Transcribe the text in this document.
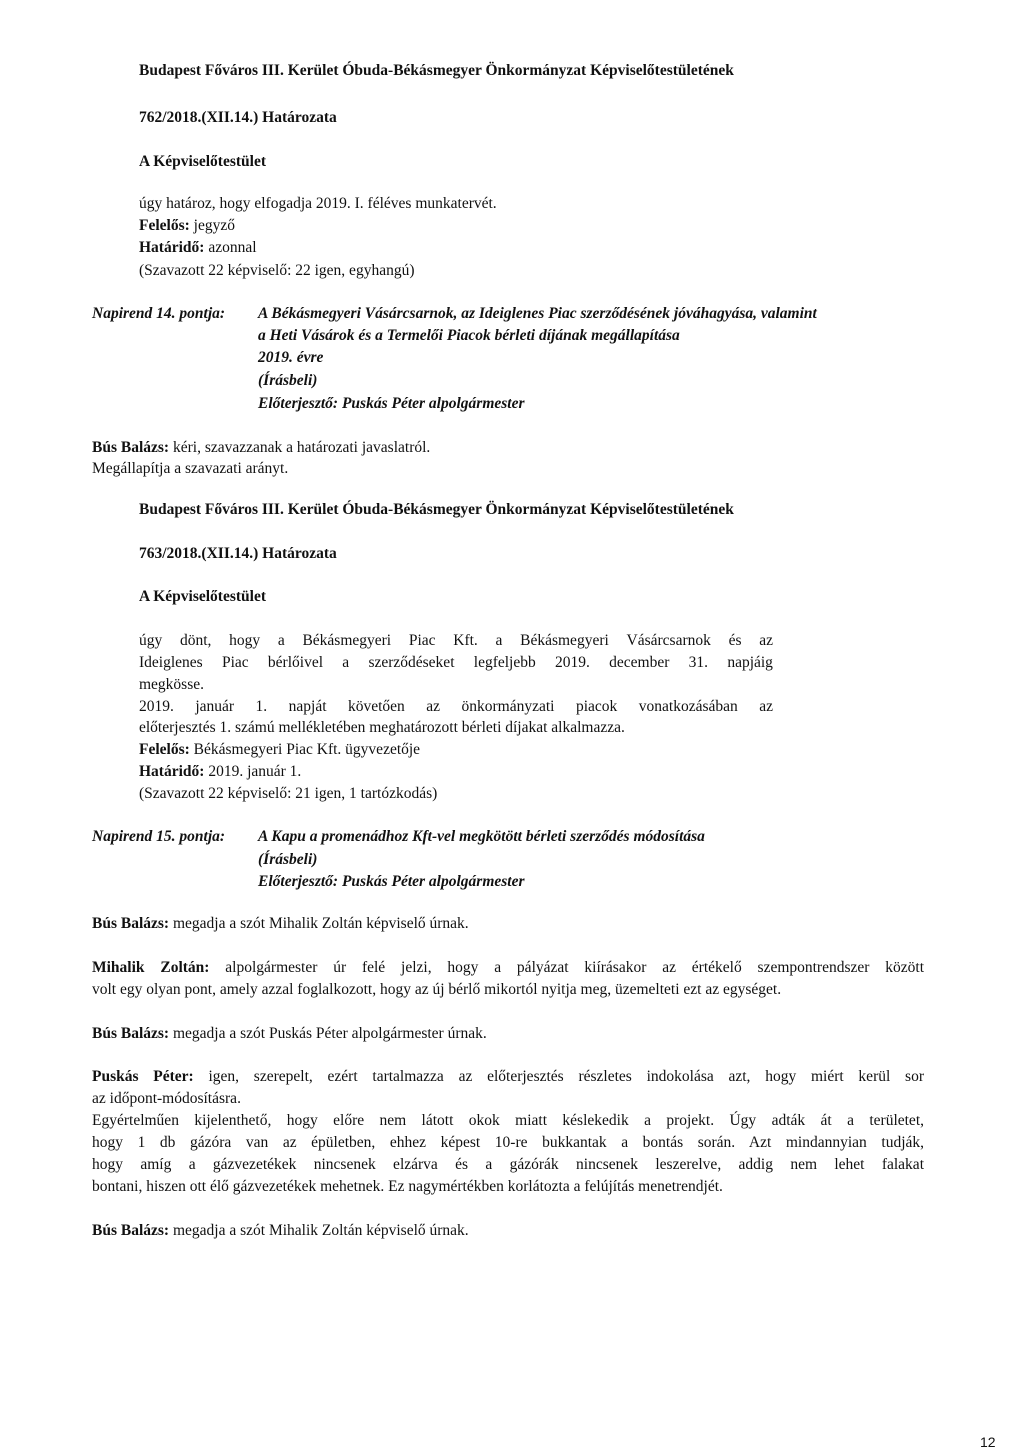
Budapest Főváros III. Kerület Óbuda-Békásmegyer Önkormányzat Képviselőtestületének
762/2018.(XII.14.) Határozata
A Képviselőtestület
úgy határoz, hogy elfogadja 2019. I. féléves munkatervét.
Felelős: jegyző
Határidő: azonnal
(Szavazott 22 képviselő: 22 igen, egyhangú)
Napirend 14. pontja: A Békásmegyeri Vásárcsarnok, az Ideiglenes Piac szerződésének jóváhagyása, valamint
a Heti Vásárok és a Termelői Piacok bérleti díjának megállapítása
2019. évre
(Írásbeli)
Előterjesztő: Puskás Péter alpolgármester
Bús Balázs: kéri, szavazzanak a határozati javaslatról.
Megállapítja a szavazati arányt.
Budapest Főváros III. Kerület Óbuda-Békásmegyer Önkormányzat Képviselőtestületének
763/2018.(XII.14.) Határozata
A Képviselőtestület
úgy dönt, hogy a Békásmegyeri Piac Kft. a Békásmegyeri Vásárcsarnok és az
Ideiglenes Piac bérlőivel a szerződéseket legfeljebb 2019. december 31. napjáig
megkösse.
2019. január 1. napját követően az önkormányzati piacok vonatkozásában az
előterjesztés 1. számú mellékletében meghatározott bérleti díjakat alkalmazza.
Felelős: Békásmegyeri Piac Kft. ügyvezetője
Határidő: 2019. január 1.
(Szavazott 22 képviselő: 21 igen, 1 tartózkodás)
Napirend 15. pontja: A Kapu a promenádhoz Kft-vel megkötött bérleti szerződés módosítása
(Írásbeli)
Előterjesztő: Puskás Péter alpolgármester
Bús Balázs: megadja a szót Mihalik Zoltán képviselő úrnak.
Mihalik Zoltán: alpolgármester úr felé jelzi, hogy a pályázat kiírásakor az értékelő szempontrendszer között
volt egy olyan pont, amely azzal foglalkozott, hogy az új bérlő mikortól nyitja meg, üzemelteti ezt az egységet.
Bús Balázs: megadja a szót Puskás Péter alpolgármester úrnak.
Puskás Péter: igen, szerepelt, ezért tartalmazza az előterjesztés részletes indokolása azt, hogy miért kerül sor
az időpont-módosításra.
Egyértelműen kijelenthető, hogy előre nem látott okok miatt késlekedik a projekt. Úgy adták át a területet,
hogy 1 db gázóra van az épületben, ehhez képest 10-re bukkantak a bontás során. Azt mindannyian tudják,
hogy amíg a gázvezetékek nincsenek elzárva és a gázórák nincsenek leszerelve, addig nem lehet falakat
bontani, hiszen ott élő gázvezetékek mehetnek. Ez nagymértékben korlátozta a felújítás menetrendjét.
Bús Balázs: megadja a szót Mihalik Zoltán képviselő úrnak.
12
